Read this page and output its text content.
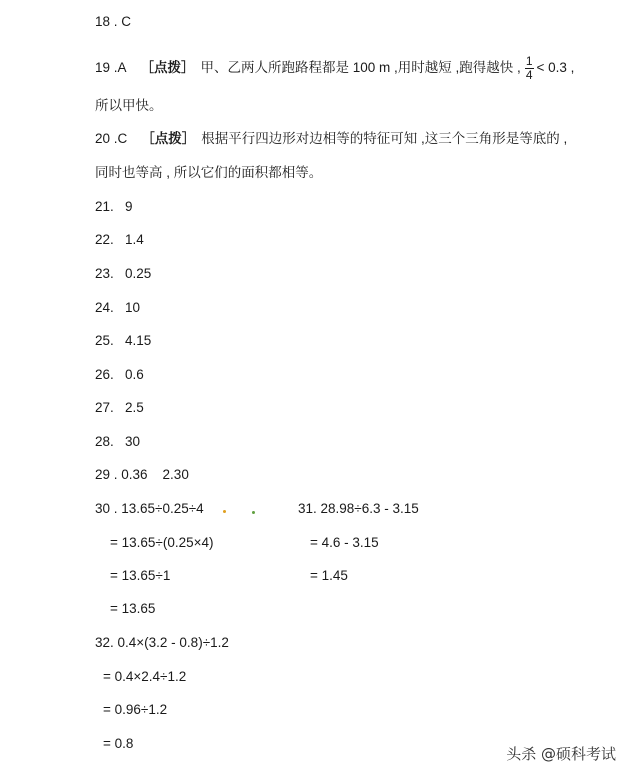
18 . C
19 .A ［点拨］ 甲、乙两人所跑路程都是 100 m ,用时越短 ,跑得越快 , $\frac{1}{4} < 0.3$ ,
所以甲快。
20 .C ［点拨］ 根据平行四边形对边相等的特征可知 ,这三个三角形是等底的 ,
同时也等高 , 所以它们的面积都相等。
21. 9
22. 1.4
23. 0.25
24. 10
25. 4.15
26. 0.6
27. 2.5
28. 30
29 . 0.36    2.30
30 . 13.65÷0.25÷4
= 13.65÷(0.25×4)
= 13.65÷1
= 13.65
31. 28.98÷6.3 - 3.15
= 4.6 - 3.15
= 1.45
32. 0.4×(3.2 - 0.8)÷1.2
= 0.4×2.4÷1.2
= 0.96÷1.2
= 0.8
头杀 @硕科考试
